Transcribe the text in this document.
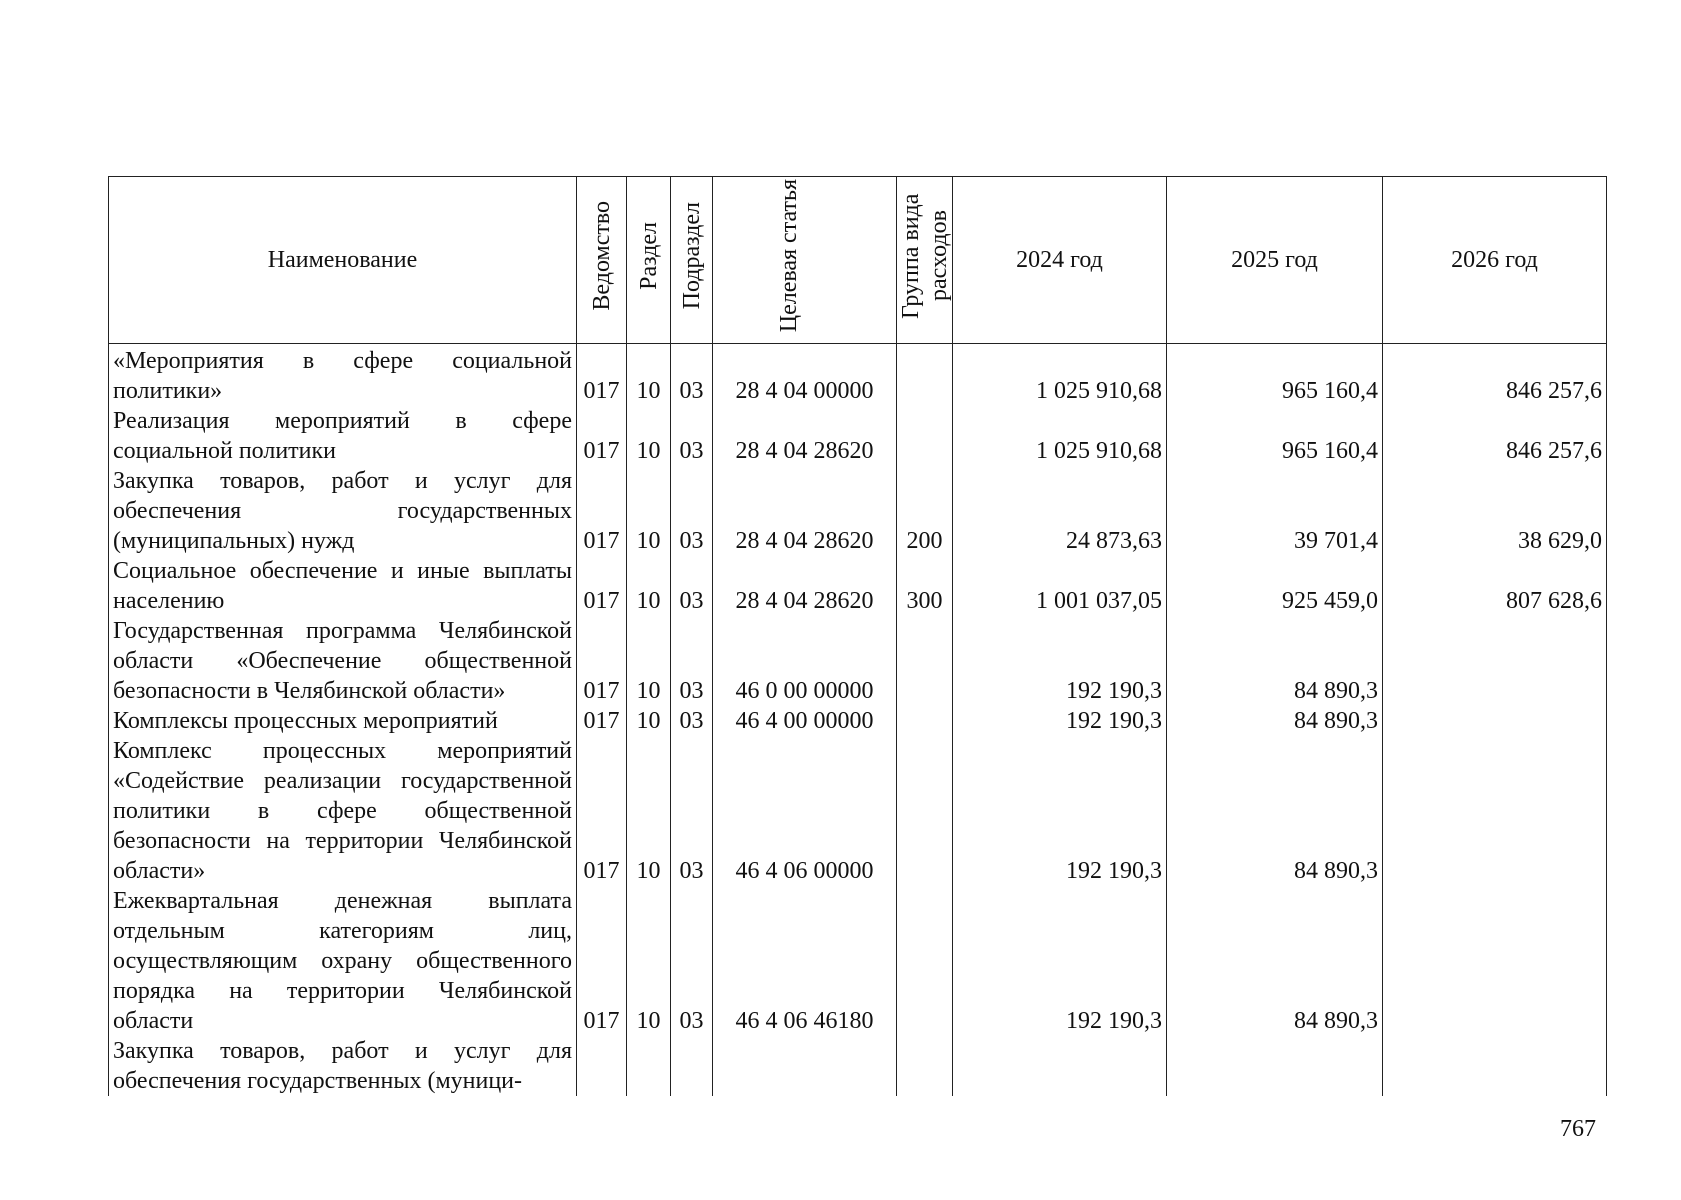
Наименование	Ведомство	Раздел	Подраздел	Целевая статья	Группа вида расходов	2024 год	2025 год	2026 год
«Мероприятия в сфере социальной политики»	017	10	03	28 4 04 00000		1 025 910,68	965 160,4	846 257,6
Реализация мероприятий в сфере социальной политики	017	10	03	28 4 04 28620		1 025 910,68	965 160,4	846 257,6
Закупка товаров, работ и услуг для обеспечения государственных (муниципальных) нужд	017	10	03	28 4 04 28620	200	24 873,63	39 701,4	38 629,0
Социальное обеспечение и иные выплаты населению	017	10	03	28 4 04 28620	300	1 001 037,05	925 459,0	807 628,6
Государственная программа Челябинской области «Обеспечение общественной безопасности в Челябинской области»	017	10	03	46 0 00 00000		192 190,3	84 890,3	
Комплексы процессных мероприятий	017	10	03	46 4 00 00000		192 190,3	84 890,3	
Комплекс процессных мероприятий «Содействие реализации государственной политики в сфере общественной безопасности на территории Челябинской области»	017	10	03	46 4 06 00000		192 190,3	84 890,3	
Ежеквартальная денежная выплата отдельным категориям лиц, осуществляющим охрану общественного порядка на территории Челябинской области	017	10	03	46 4 06 46180		192 190,3	84 890,3	
Закупка товаров, работ и услуг для обеспечения государственных (муници-								
767
